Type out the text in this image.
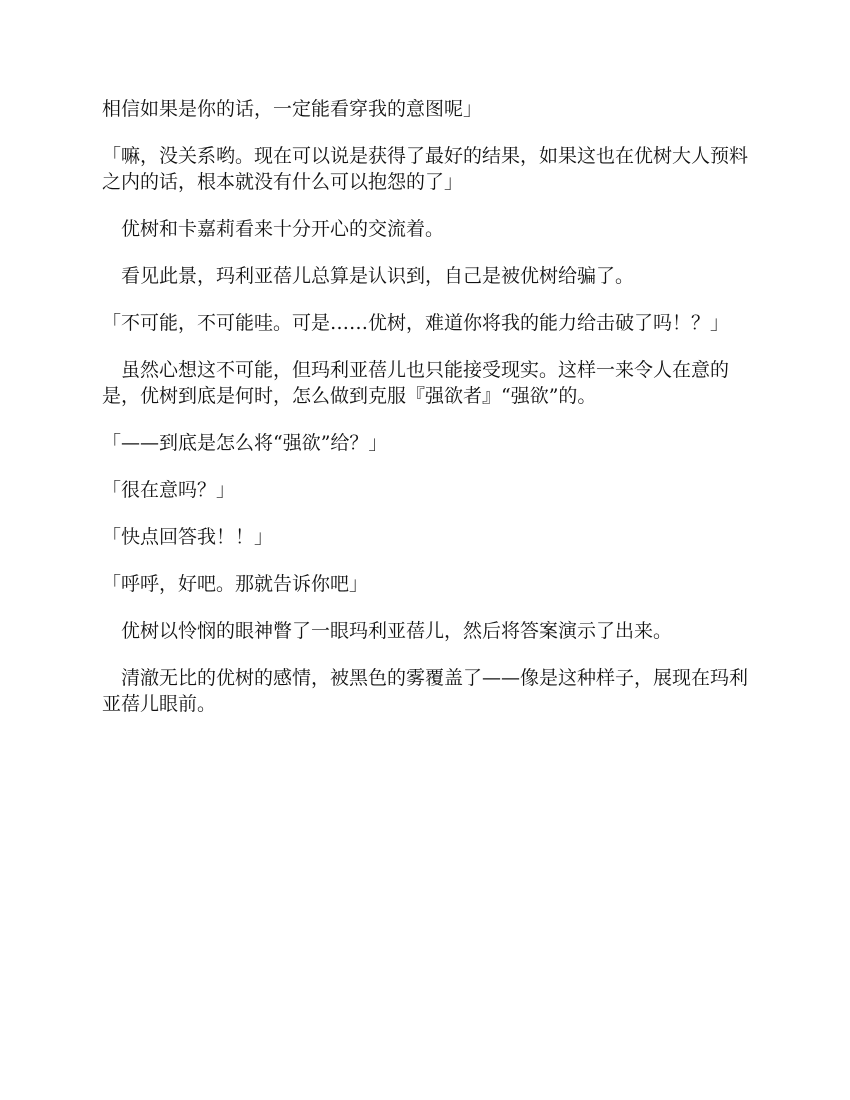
相信如果是你的话，一定能看穿我的意图呢」

「嘛，没关系哟。现在可以说是获得了最好的结果，如果这也在优树大人预料之内的话，根本就没有什么可以抱怨的了」

优树和卡嘉莉看来十分开心的交流着。

看见此景，玛利亚蓓儿总算是认识到，自己是被优树给骗了。

「不可能，不可能哇。可是……优树，难道你将我的能力给击破了吗！？」

虽然心想这不可能，但玛利亚蓓儿也只能接受现实。这样一来令人在意的是，优树到底是何时，怎么做到克服『强欲者』“强欲”的。

「——到底是怎么将“强欲”给？」

「很在意吗？」

「快点回答我！！」

「呼呼，好吧。那就告诉你吧」

优树以怜悯的眼神瞥了一眼玛利亚蓓儿，然后将答案演示了出来。

清澈无比的优树的感情，被黑色的雾覆盖了——像是这种样子，展现在玛利亚蓓儿眼前。
